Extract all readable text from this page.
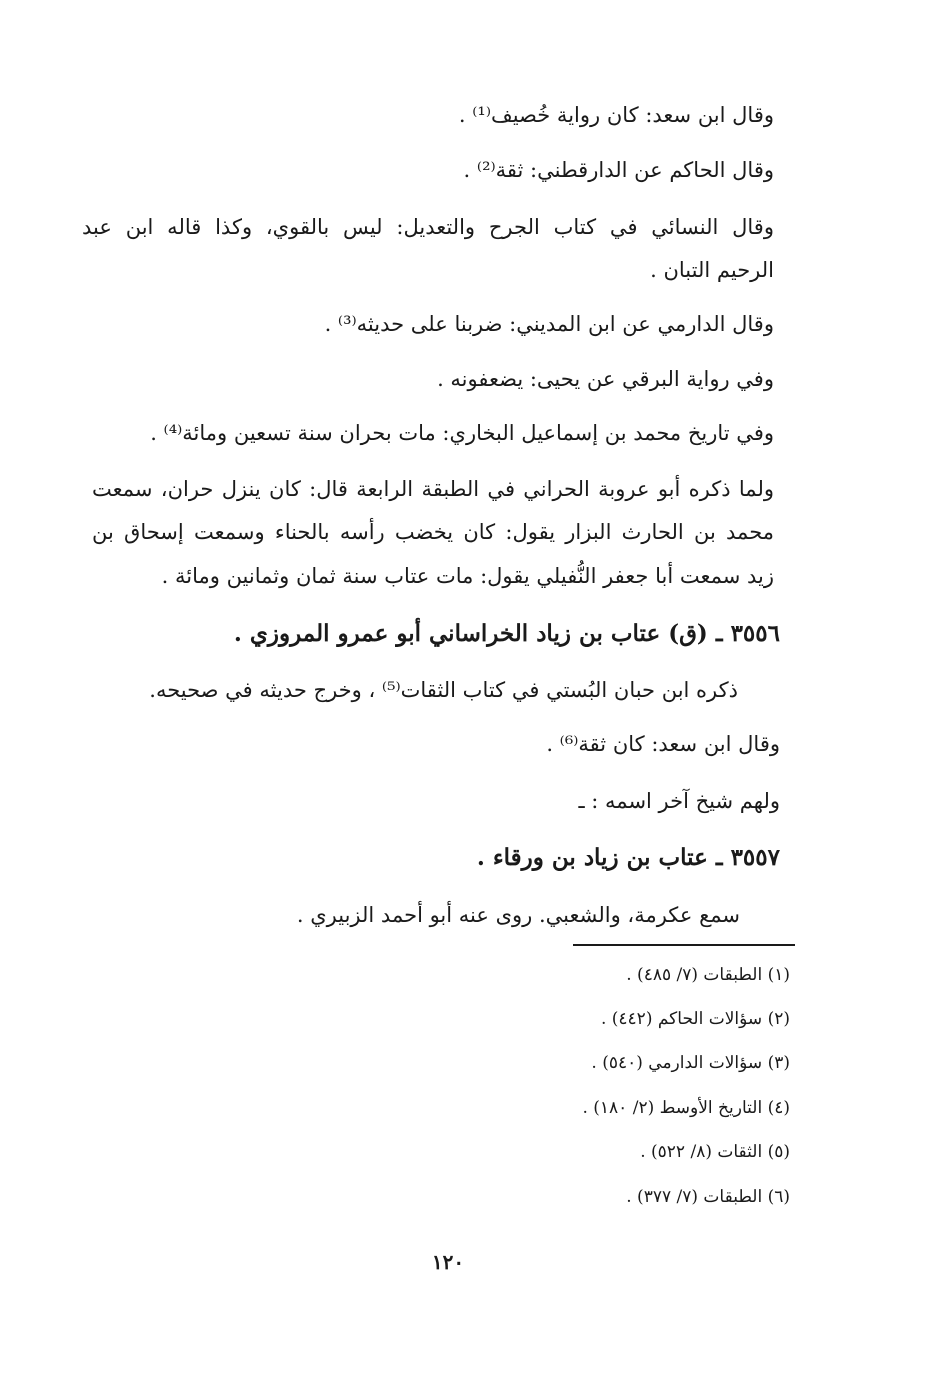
وقال ابن سعد: كان رواية خُصيف⁽¹⁾ .
وقال الحاكم عن الدارقطني: ثقة⁽²⁾ .
وقال النسائي في كتاب الجرح والتعديل: ليس بالقوي، وكذا قاله ابن عبد
الرحيم التبان .
وقال الدارمي عن ابن المديني: ضربنا على حديثه⁽³⁾ .
وفي رواية البرقي عن يحيى: يضعفونه .
وفي تاريخ محمد بن إسماعيل البخاري: مات بحران سنة تسعين ومائة⁽⁴⁾ .
ولما ذكره أبو عروبة الحراني في الطبقة الرابعة قال: كان ينزل حران، سمعت
محمد بن الحارث البزار يقول: كان يخضب رأسه بالحناء وسمعت إسحاق بن
زيد سمعت أبا جعفر النُّفيلي يقول: مات عتاب سنة ثمان وثمانين ومائة .
٣٥٥٦ ـ (ق) عتاب بن زياد الخراساني أبو عمرو المروزي .
ذكره ابن حبان البُستي في كتاب الثقات⁽⁵⁾ ، وخرج حديثه في صحيحه.
وقال ابن سعد: كان ثقة⁽⁶⁾ .
ولهم شيخ آخر اسمه : ـ
٣٥٥٧ ـ عتاب بن زياد بن ورقاء .
سمع عكرمة، والشعبي. روى عنه أبو أحمد الزبيري .
(١) الطبقات (٧/ ٤٨٥) .
(٢) سؤالات الحاكم (٤٤٢) .
(٣) سؤالات الدارمي (٥٤٠) .
(٤) التاريخ الأوسط (٢/ ١٨٠) .
(٥) الثقات (٨/ ٥٢٢) .
(٦) الطبقات (٧/ ٣٧٧) .
١٢٠
